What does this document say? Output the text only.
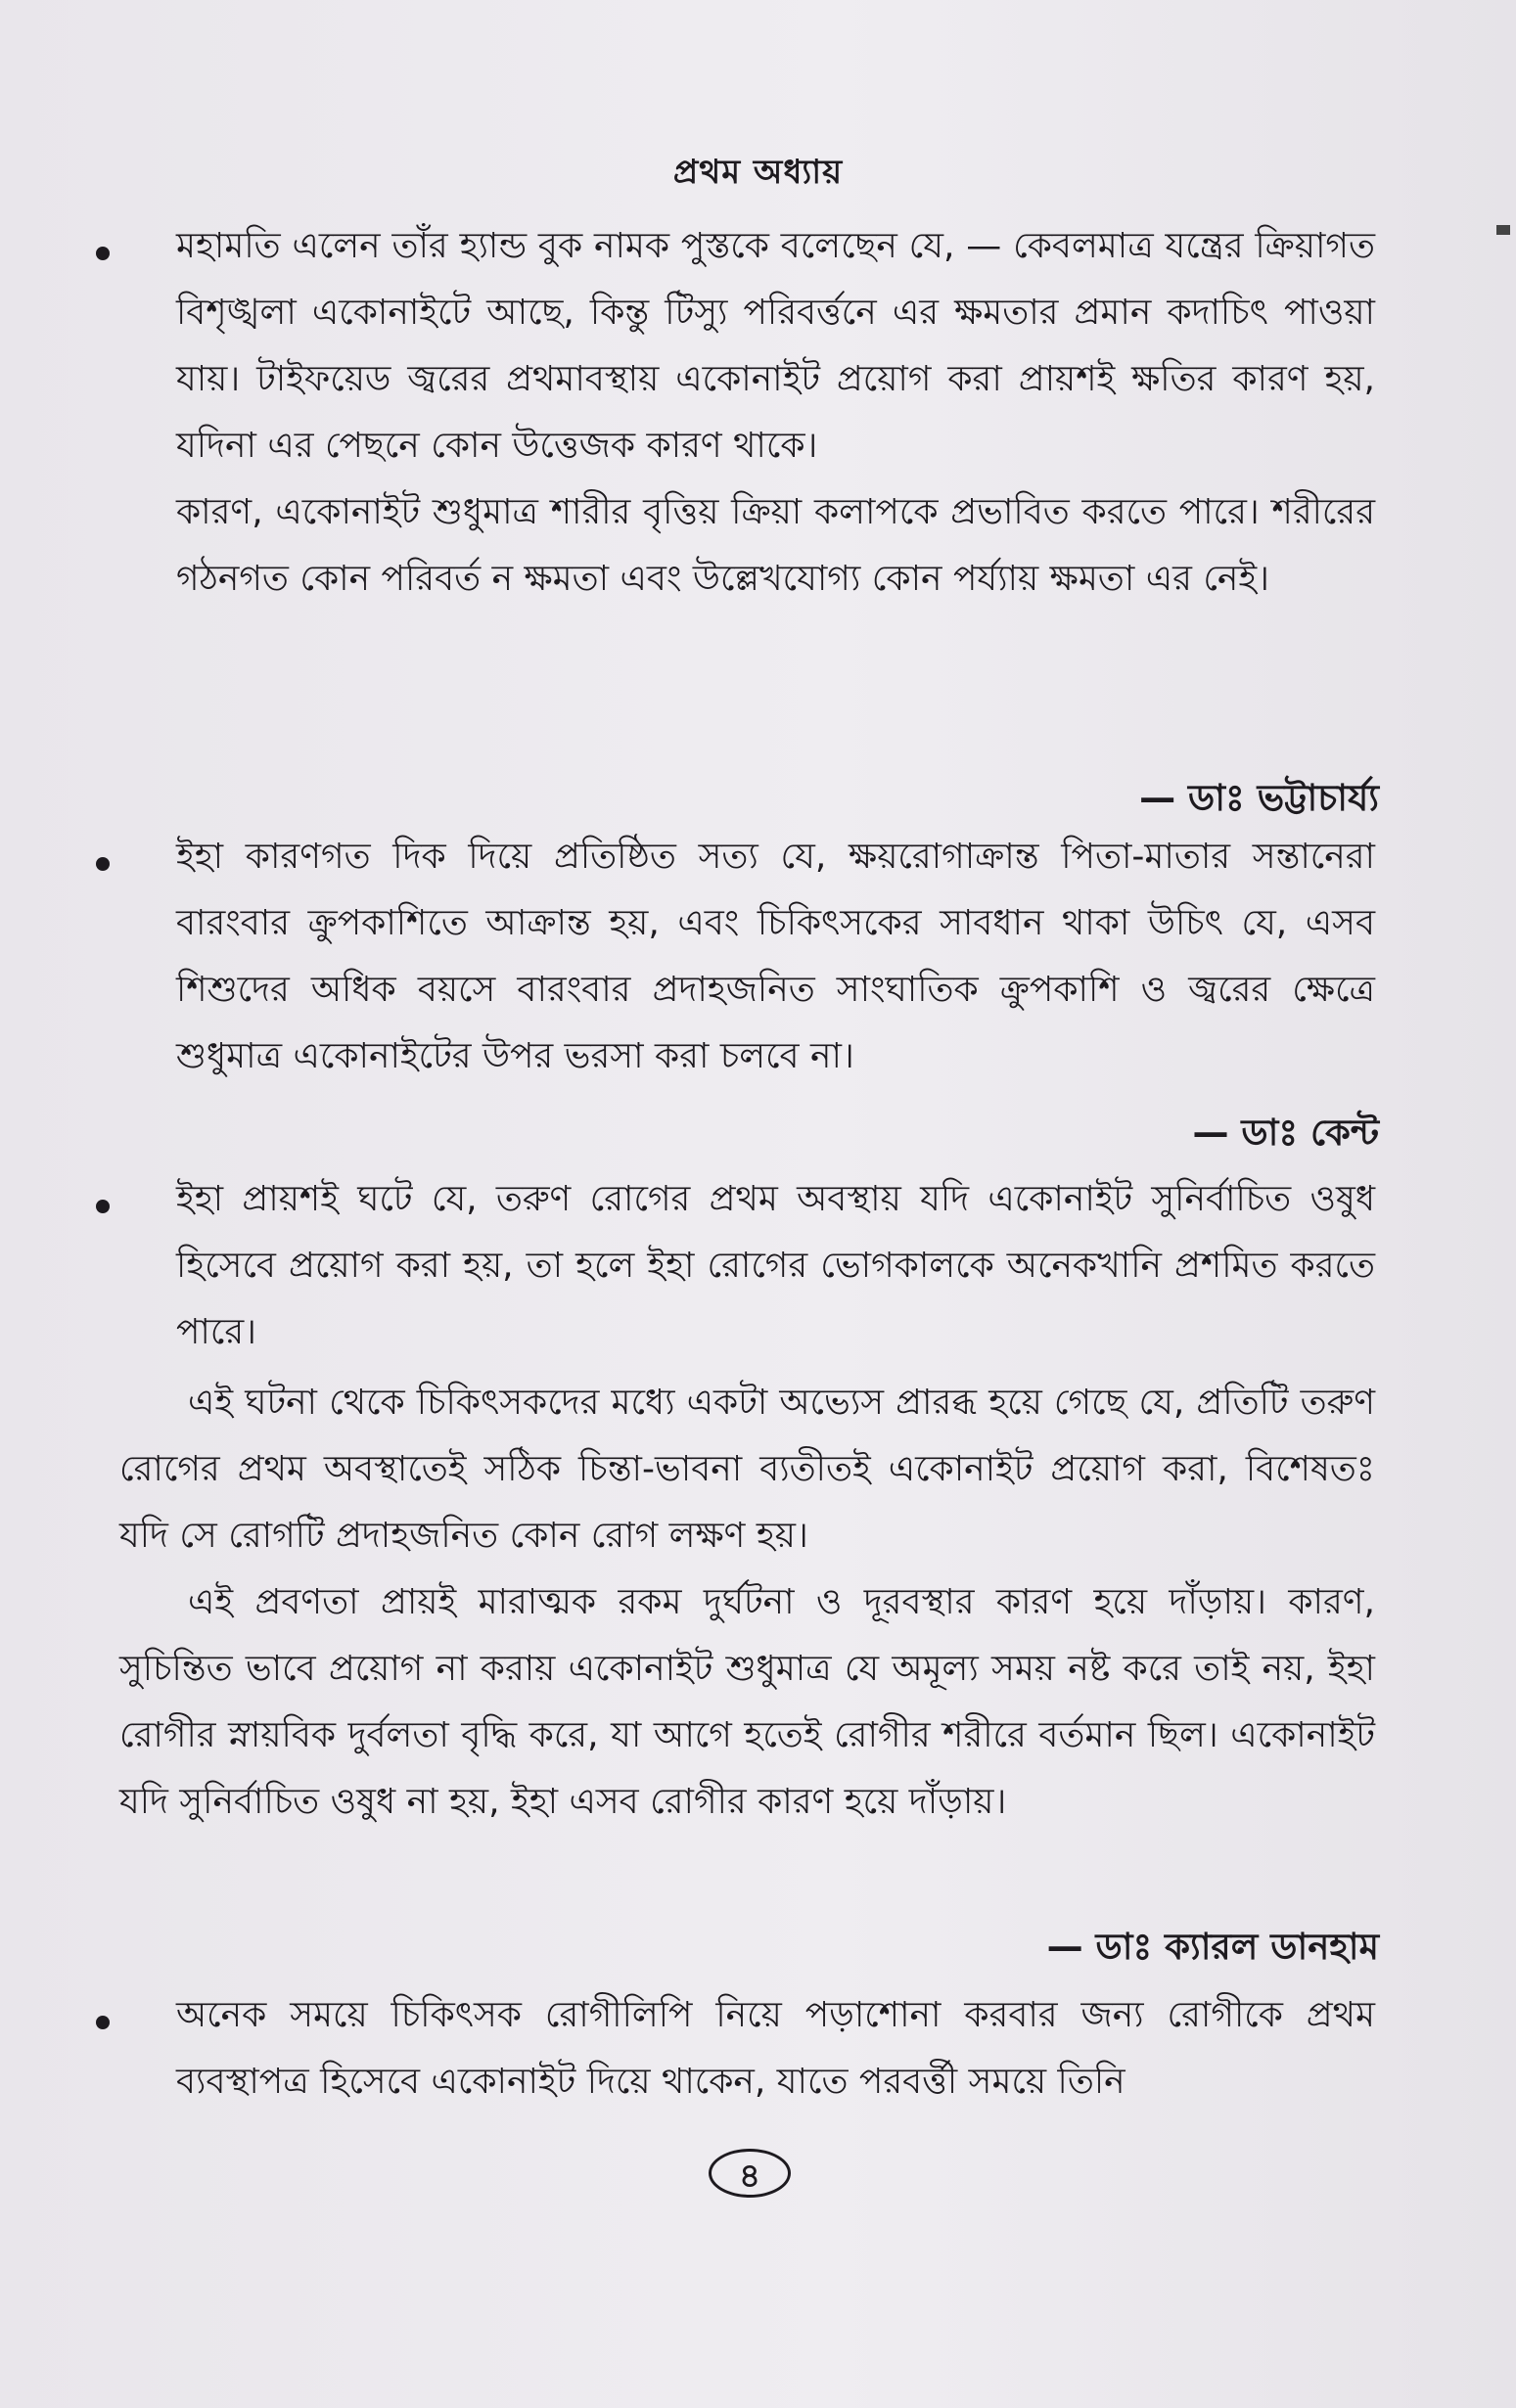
প্রথম অধ্যায়

মহামতি এলেন তাঁর হ্যান্ড বুক নামক পুস্তকে বলেছেন যে, — কেবলমাত্র যন্ত্রের ক্রিয়াগত বিশৃঙ্খলা একোনাইটে আছে, কিন্তু টিস্যু পরিবর্ত্তনে এর ক্ষমতার প্রমান কদাচিৎ পাওয়া যায়। টাইফয়েড জ্বরের প্রথমাবস্থায় একোনাইট প্রয়োগ করা প্রায়শই ক্ষতির কারণ হয়, যদিনা এর পেছনে কোন উত্তেজক কারণ থাকে।

কারণ, একোনাইট শুধুমাত্র শারীর বৃত্তিয় ক্রিয়া কলাপকে প্রভাবিত করতে পারে। শরীরের গঠনগত কোন পরিবর্ত ন ক্ষমতা এবং উল্লেখযোগ্য কোন পর্য্যায় ক্ষমতা এর নেই।

— ডাঃ ভট্টাচার্য্য

ইহা কারণগত দিক দিয়ে প্রতিষ্ঠিত সত্য যে, ক্ষয়রোগাক্রান্ত পিতা-মাতার সন্তানেরা বারংবার ক্রুপকাশিতে আক্রান্ত হয়, এবং চিকিৎসকের সাবধান থাকা উচিৎ যে, এসব শিশুদের অধিক বয়সে বারংবার প্রদাহজনিত সাংঘাতিক ক্রুপকাশি ও জ্বরের ক্ষেত্রে শুধুমাত্র একোনাইটের উপর ভরসা করা চলবে না।

— ডাঃ কেন্ট

ইহা প্রায়শই ঘটে যে, তরুণ রোগের প্রথম অবস্থায় যদি একোনাইট সুনির্বাচিত ওষুধ হিসেবে প্রয়োগ করা হয়, তা হলে ইহা রোগের ভোগকালকে অনেকখানি প্রশমিত করতে পারে।

এই ঘটনা থেকে চিকিৎসকদের মধ্যে একটা অভ্যেস প্রারব্ধ হয়ে গেছে যে, প্রতিটি তরুণ রোগের প্রথম অবস্থাতেই সঠিক চিন্তা-ভাবনা ব্যতীতই একোনাইট প্রয়োগ করা, বিশেষতঃ যদি সে রোগটি প্রদাহজনিত কোন রোগ লক্ষণ হয়।

এই প্রবণতা প্রায়ই মারাত্মক রকম দুর্ঘটনা ও দূরবস্থার কারণ হয়ে দাঁড়ায়। কারণ, সুচিন্তিত ভাবে প্রয়োগ না করায় একোনাইট শুধুমাত্র যে অমূল্য সময় নষ্ট করে তাই নয়, ইহা রোগীর স্নায়বিক দুর্বলতা বৃদ্ধি করে, যা আগে হতেই রোগীর শরীরে বর্তমান ছিল। একোনাইট যদি সুনির্বাচিত ওষুধ না হয়, ইহা এসব রোগীর কারণ হয়ে দাঁড়ায়।

— ডাঃ ক্যারল ডানহাম

অনেক সময়ে চিকিৎসক রোগীলিপি নিয়ে পড়াশোনা করবার জন্য রোগীকে প্রথম ব্যবস্থাপত্র হিসেবে একোনাইট দিয়ে থাকেন, যাতে পরবর্ত্তী সময়ে তিনি

৪
